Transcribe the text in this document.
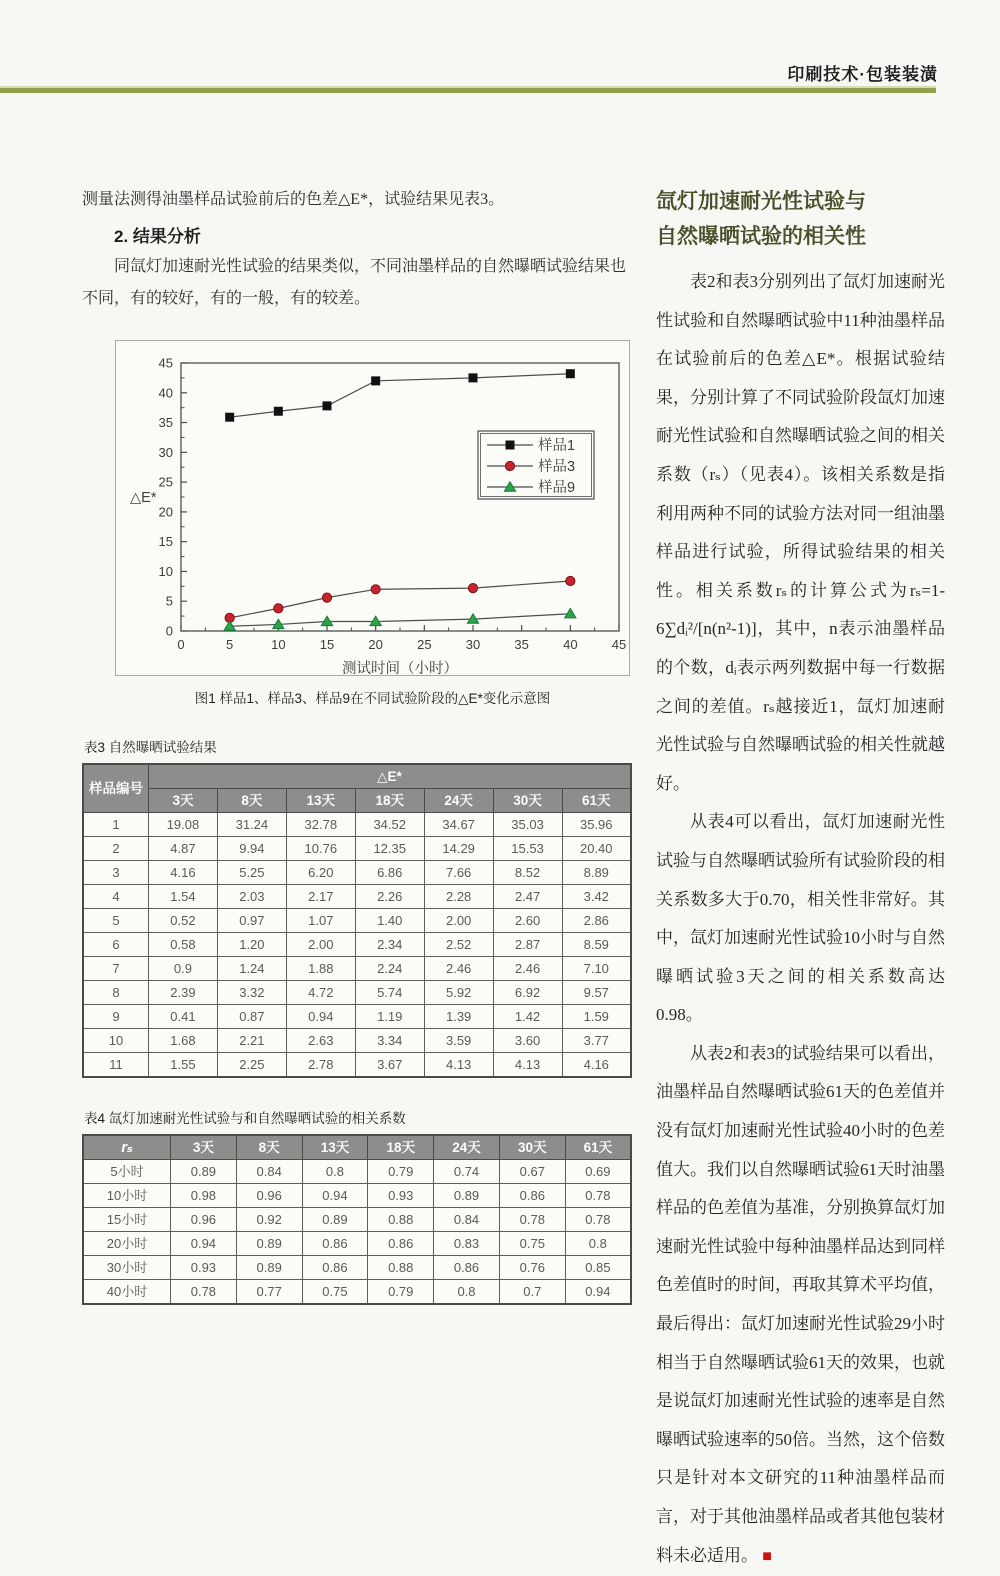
印刷技术·包装装潢

测量法测得油墨样品试验前后的色差△E*，试验结果见表3。

2. 结果分析

同氙灯加速耐光性试验的结果类似，不同油墨样品的自然曝晒试验结果也不同，有的较好，有的一般，有的较差。

0
5
10
15
20
25
30
35
40
45
0	5	10	15	20	25	30	35	40	45
△E*
测试时间（小时）
样品1
样品3
样品9
图1 样品1、样品3、样品9在不同试验阶段的△E*变化示意图
表3 自然曝晒试验结果
样品编号	△E*						
	3天	8天	13天	18天	24天	30天	61天
1	19.08	31.24	32.78	34.52	34.67	35.03	35.96
2	4.87	9.94	10.76	12.35	14.29	15.53	20.40
3	4.16	5.25	6.20	6.86	7.66	8.52	8.89
4	1.54	2.03	2.17	2.26	2.28	2.47	3.42
5	0.52	0.97	1.07	1.40	2.00	2.60	2.86
6	0.58	1.20	2.00	2.34	2.52	2.87	8.59
7	0.9	1.24	1.88	2.24	2.46	2.46	7.10
8	2.39	3.32	4.72	5.74	5.92	6.92	9.57
9	0.41	0.87	0.94	1.19	1.39	1.42	1.59
10	1.68	2.21	2.63	3.34	3.59	3.60	3.77
11	1.55	2.25	2.78	3.67	4.13	4.13	4.16
表4 氙灯加速耐光性试验与和自然曝晒试验的相关系数
rₛ	3天	8天	13天	18天	24天	30天	61天
5小时	0.89	0.84	0.8	0.79	0.74	0.67	0.69
10小时	0.98	0.96	0.94	0.93	0.89	0.86	0.78
15小时	0.96	0.92	0.89	0.88	0.84	0.78	0.78
20小时	0.94	0.89	0.86	0.86	0.83	0.75	0.8
30小时	0.93	0.89	0.86	0.88	0.86	0.76	0.85
40小时	0.78	0.77	0.75	0.79	0.8	0.7	0.94
氙灯加速耐光性试验与
自然曝晒试验的相关性

表2和表3分别列出了氙灯加速耐光性试验和自然曝晒试验中11种油墨样品在试验前后的色差△E*。根据试验结果，分别计算了不同试验阶段氙灯加速耐光性试验和自然曝晒试验之间的相关系数（rₛ）（见表4）。该相关系数是指利用两种不同的试验方法对同一组油墨样品进行试验，所得试验结果的相关性。相关系数rₛ的计算公式为rₛ=1-6∑dᵢ²/[n(n²-1)]，其中，n表示油墨样品的个数，dᵢ表示两列数据中每一行数据之间的差值。rₛ越接近1，氙灯加速耐光性试验与自然曝晒试验的相关性就越好。

从表4可以看出，氙灯加速耐光性试验与自然曝晒试验所有试验阶段的相关系数多大于0.70，相关性非常好。其中，氙灯加速耐光性试验10小时与自然曝晒试验3天之间的相关系数高达0.98。

从表2和表3的试验结果可以看出，油墨样品自然曝晒试验61天的色差值并没有氙灯加速耐光性试验40小时的色差值大。我们以自然曝晒试验61天时油墨样品的色差值为基准，分别换算氙灯加速耐光性试验中每种油墨样品达到同样色差值时的时间，再取其算术平均值，最后得出：氙灯加速耐光性试验29小时相当于自然曝晒试验61天的效果，也就是说氙灯加速耐光性试验的速率是自然曝晒试验速率的50倍。当然，这个倍数只是针对本文研究的11种油墨样品而言，对于其他油墨样品或者其他包装材料未必适用。 ■
